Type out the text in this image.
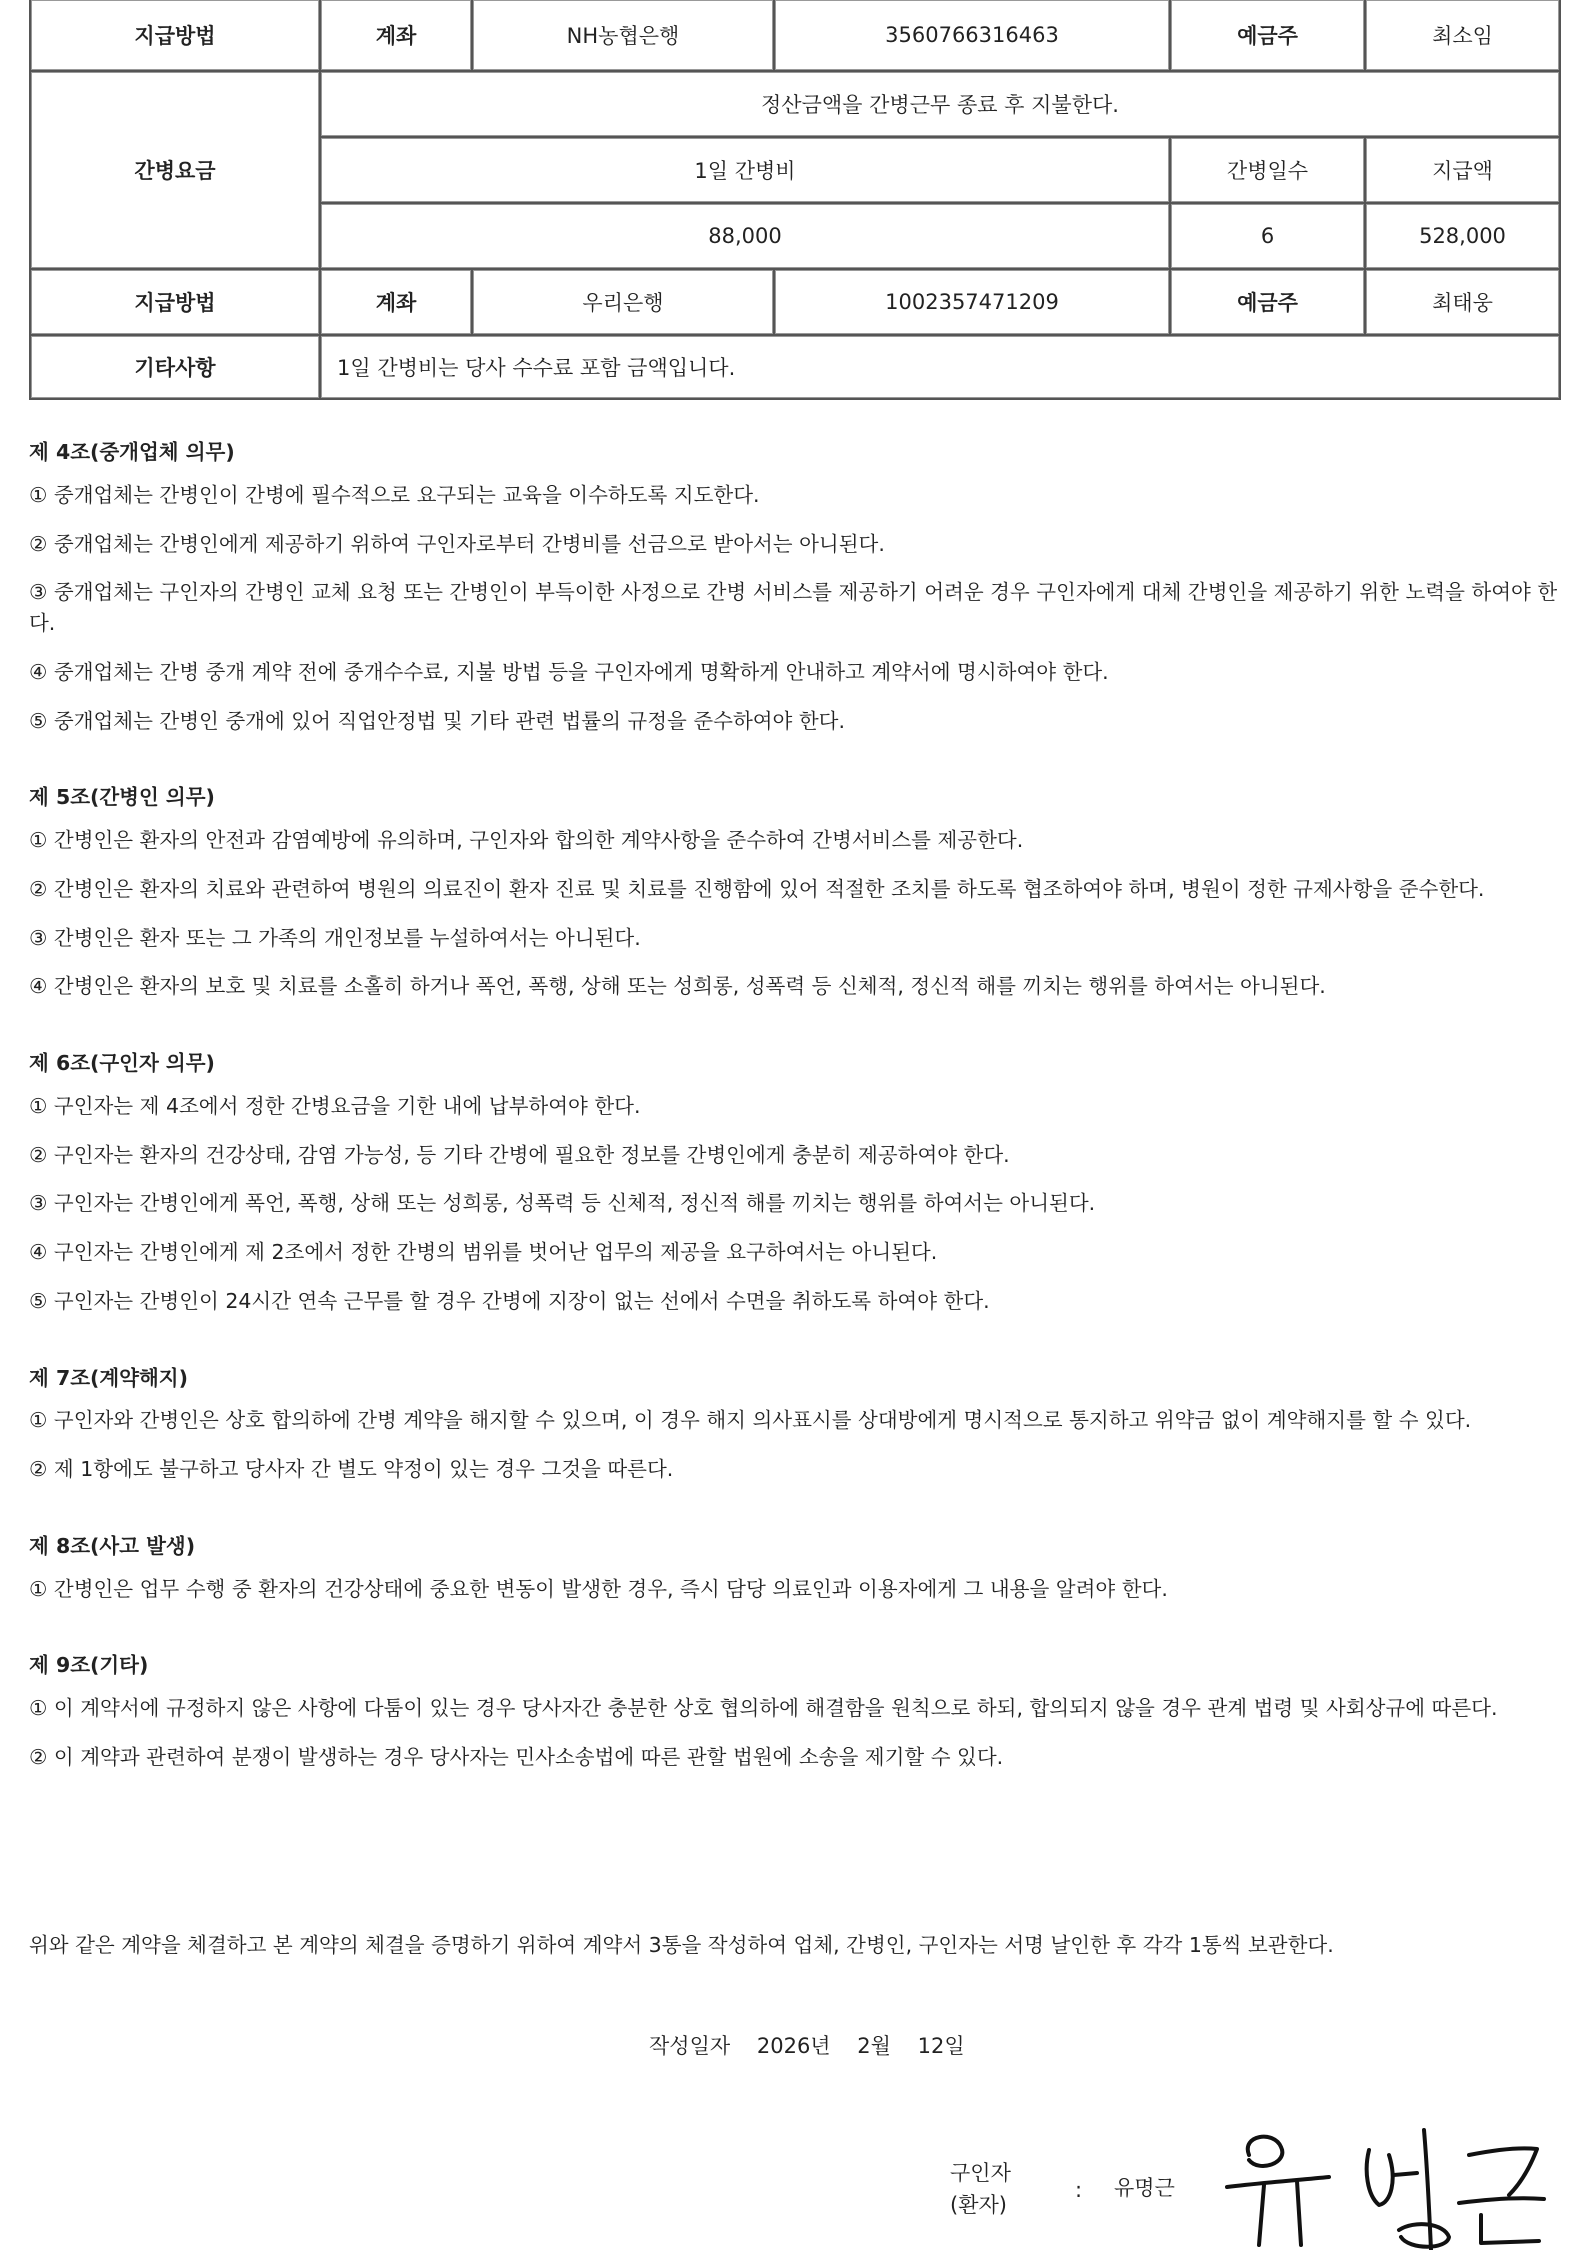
지급방법	계좌	NH농협은행	3560766316463	예금주	최소임
간병요금	정산금액을 간병근무 종료 후 지불한다.				
	1일 간병비			간병일수	지급액
	88,000			6	528,000
지급방법	계좌	우리은행	1002357471209	예금주	최태웅
기타사항	1일 간병비는 당사 수수료 포함 금액입니다.				
제 4조(중개업체 의무)
① 중개업체는 간병인이 간병에 필수적으로 요구되는 교육을 이수하도록 지도한다.
② 중개업체는 간병인에게 제공하기 위하여 구인자로부터 간병비를 선금으로 받아서는 아니된다.
③ 중개업체는 구인자의 간병인 교체 요청 또는 간병인이 부득이한 사정으로 간병 서비스를 제공하기 어려운 경우 구인자에게 대체 간병인을 제공하기 위한 노력을 하여야 한다.
④ 중개업체는 간병 중개 계약 전에 중개수수료, 지불 방법 등을 구인자에게 명확하게 안내하고 계약서에 명시하여야 한다.
⑤ 중개업체는 간병인 중개에 있어 직업안정법 및 기타 관련 법률의 규정을 준수하여야 한다.
제 5조(간병인 의무)
① 간병인은 환자의 안전과 감염예방에 유의하며, 구인자와 합의한 계약사항을 준수하여 간병서비스를 제공한다.
② 간병인은 환자의 치료와 관련하여 병원의 의료진이 환자 진료 및 치료를 진행함에 있어 적절한 조치를 하도록 협조하여야 하며, 병원이 정한 규제사항을 준수한다.
③ 간병인은 환자 또는 그 가족의 개인정보를 누설하여서는 아니된다.
④ 간병인은 환자의 보호 및 치료를 소홀히 하거나 폭언, 폭행, 상해 또는 성희롱, 성폭력 등 신체적, 정신적 해를 끼치는 행위를 하여서는 아니된다.
제 6조(구인자 의무)
① 구인자는 제 4조에서 정한 간병요금을 기한 내에 납부하여야 한다.
② 구인자는 환자의 건강상태, 감염 가능성, 등 기타 간병에 필요한 정보를 간병인에게 충분히 제공하여야 한다.
③ 구인자는 간병인에게 폭언, 폭행, 상해 또는 성희롱, 성폭력 등 신체적, 정신적 해를 끼치는 행위를 하여서는 아니된다.
④ 구인자는 간병인에게 제 2조에서 정한 간병의 범위를 벗어난 업무의 제공을 요구하여서는 아니된다.
⑤ 구인자는 간병인이 24시간 연속 근무를 할 경우 간병에 지장이 없는 선에서 수면을 취하도록 하여야 한다.
제 7조(계약해지)
① 구인자와 간병인은 상호 합의하에 간병 계약을 해지할 수 있으며, 이 경우 해지 의사표시를 상대방에게 명시적으로 통지하고 위약금 없이 계약해지를 할 수 있다.
② 제 1항에도 불구하고 당사자 간 별도 약정이 있는 경우 그것을 따른다.
제 8조(사고 발생)
① 간병인은 업무 수행 중 환자의 건강상태에 중요한 변동이 발생한 경우, 즉시 담당 의료인과 이용자에게 그 내용을 알려야 한다.
제 9조(기타)
① 이 계약서에 규정하지 않은 사항에 다툼이 있는 경우 당사자간 충분한 상호 협의하에 해결함을 원칙으로 하되, 합의되지 않을 경우 관계 법령 및 사회상규에 따른다.
② 이 계약과 관련하여 분쟁이 발생하는 경우 당사자는 민사소송법에 따른 관할 법원에 소송을 제기할 수 있다.
위와 같은 계약을 체결하고 본 계약의 체결을 증명하기 위하여 계약서 3통을 작성하여 업체, 간병인, 구인자는 서명 날인한 후 각각 1통씩 보관한다.
작성일자 2026년 2월 12일
구인자
(환자)
: 유명근
